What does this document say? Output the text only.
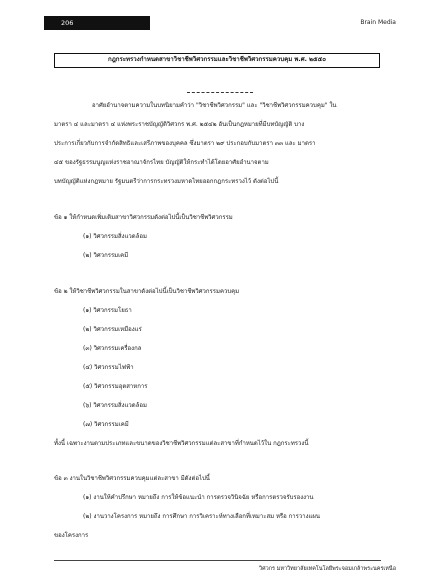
206	Brain Media
กฎกระทรวงกำหนดสาขาวิชาชีพวิศวกรรมและวิชาชีพวิศวกรรมควบคุม พ.ศ. ๒๕๕๐
อาศัยอำนาจตามความในบทนิยามคำว่า "วิชาชีพวิศวกรรม" และ "วิชาชีพวิศวกรรมควบคุม" ใน
มาตรา ๔ และมาตรา ๔ แห่งพระราชบัญญัติวิศวกร พ.ศ. ๒๕๔๒ อันเป็นกฎหมายที่มีบทบัญญัติ บาง
ประการเกี่ยวกับการจำกัดสิทธิและเสรีภาพของบุคคล ซึ่งมาตรา ๒๙ ประกอบกับมาตรา ๓๓ และ มาตรา
๔๕ ของรัฐธรรมนูญแห่งราชอาณาจักรไทย บัญญัติให้กระทำได้โดยอาศัยอำนาจตาม
บทบัญญัติแห่งกฎหมาย รัฐมนตรีว่าการกระทรวงมหาดไทยออกกฎกระทรวงไว้ ดังต่อไปนี้
ข้อ ๑ ให้กำหนดเพิ่มเติมสาขาวิศวกรรมดังต่อไปนี้เป็นวิชาชีพวิศวกรรม
(๑) วิศวกรรมสิ่งแวดล้อม
(๒) วิศวกรรมเคมี
ข้อ ๒ ให้วิชาชีพวิศวกรรมในสาขาดังต่อไปนี้เป็นวิชาชีพวิศวกรรมควบคุม
(๑) วิศวกรรมโยธา
(๒) วิศวกรรมเหมืองแร่
(๓) วิศวกรรมเครื่องกล
(๔) วิศวกรรมไฟฟ้า
(๕) วิศวกรรมอุตสาหการ
(๖) วิศวกรรมสิ่งแวดล้อม
(๗) วิศวกรรมเคมี
ทั้งนี้ เฉพาะงานตามประเภทและขนาดของวิชาชีพวิศวกรรมแต่ละสาขาที่กำหนดไว้ใน กฎกระทรวงนี้
ข้อ ๓ งานในวิชาชีพวิศวกรรมควบคุมแต่ละสาขา มีดังต่อไปนี้
(๑) งานให้คำปรึกษา หมายถึง การให้ข้อแนะนำ การตรวจวินิจฉัย หรือการตรวจรับรองงาน
(๒) งานวางโครงการ หมายถึง การศึกษา การวิเคราะห์ทางเลือกที่เหมาะสม หรือ การวางแผน
ของโครงการ
วิศวกร มหาวิทยาลัยเทคโนโลยีพระจอมเกล้าพระนครเหนือ
